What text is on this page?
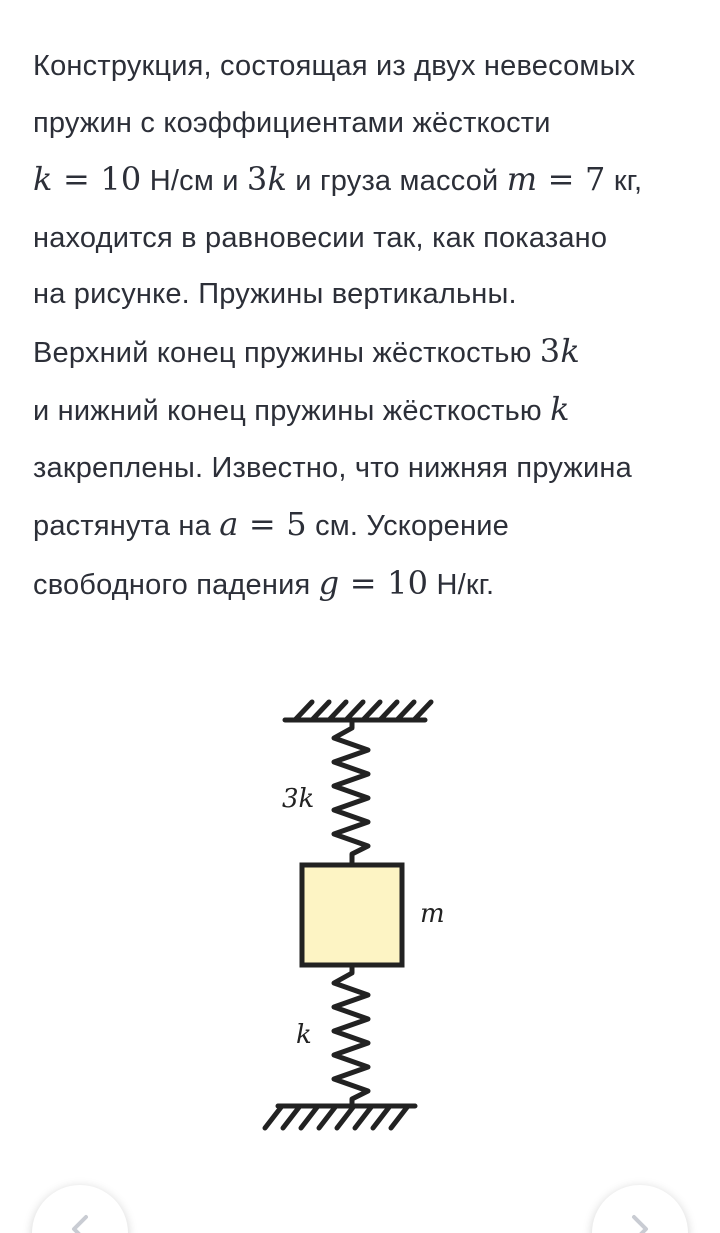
Конструкция, состоящая из двух невесомых
пружин с коэффициентами жёсткости
k = 10 Н/см и 3k и груза массой m = 7 кг,
находится в равновесии так, как показано
на рисунке. Пружины вертикальны.
Верхний конец пружины жёсткостью 3k
и нижний конец пружины жёсткостью k
закреплены. Известно, что нижняя пружина
растянута на a = 5 см. Ускорение
свободного падения g = 10 Н/кг.
3k
m
k
